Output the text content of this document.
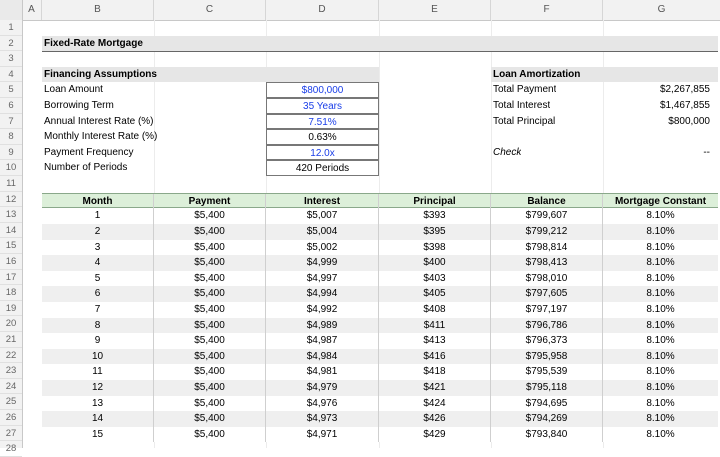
A	B	C	D	E	F	G
1
2
3
4
5
6
7
8
9
10
11
12
13
14
15
16
17
18
19
20
21
22
23
24
25
26
27
28
Fixed-Rate Mortgage
Financing Assumptions	Loan Amortization
Loan Amount	$800,000
Borrowing Term	35 Years
Annual Interest Rate (%)	7.51%
Monthly Interest Rate (%)	0.63%
Payment Frequency	12.0x
Number of Periods	420 Periods
Total Payment	$2,267,855
Total Interest	$1,467,855
Total Principal	$800,000
Check	--
Month	Payment	Interest	Principal	Balance	Mortgage Constant
1	$5,400	$5,007	$393	$799,607	8.10%
2	$5,400	$5,004	$395	$799,212	8.10%
3	$5,400	$5,002	$398	$798,814	8.10%
4	$5,400	$4,999	$400	$798,413	8.10%
5	$5,400	$4,997	$403	$798,010	8.10%
6	$5,400	$4,994	$405	$797,605	8.10%
7	$5,400	$4,992	$408	$797,197	8.10%
8	$5,400	$4,989	$411	$796,786	8.10%
9	$5,400	$4,987	$413	$796,373	8.10%
10	$5,400	$4,984	$416	$795,958	8.10%
11	$5,400	$4,981	$418	$795,539	8.10%
12	$5,400	$4,979	$421	$795,118	8.10%
13	$5,400	$4,976	$424	$794,695	8.10%
14	$5,400	$4,973	$426	$794,269	8.10%
15	$5,400	$4,971	$429	$793,840	8.10%
